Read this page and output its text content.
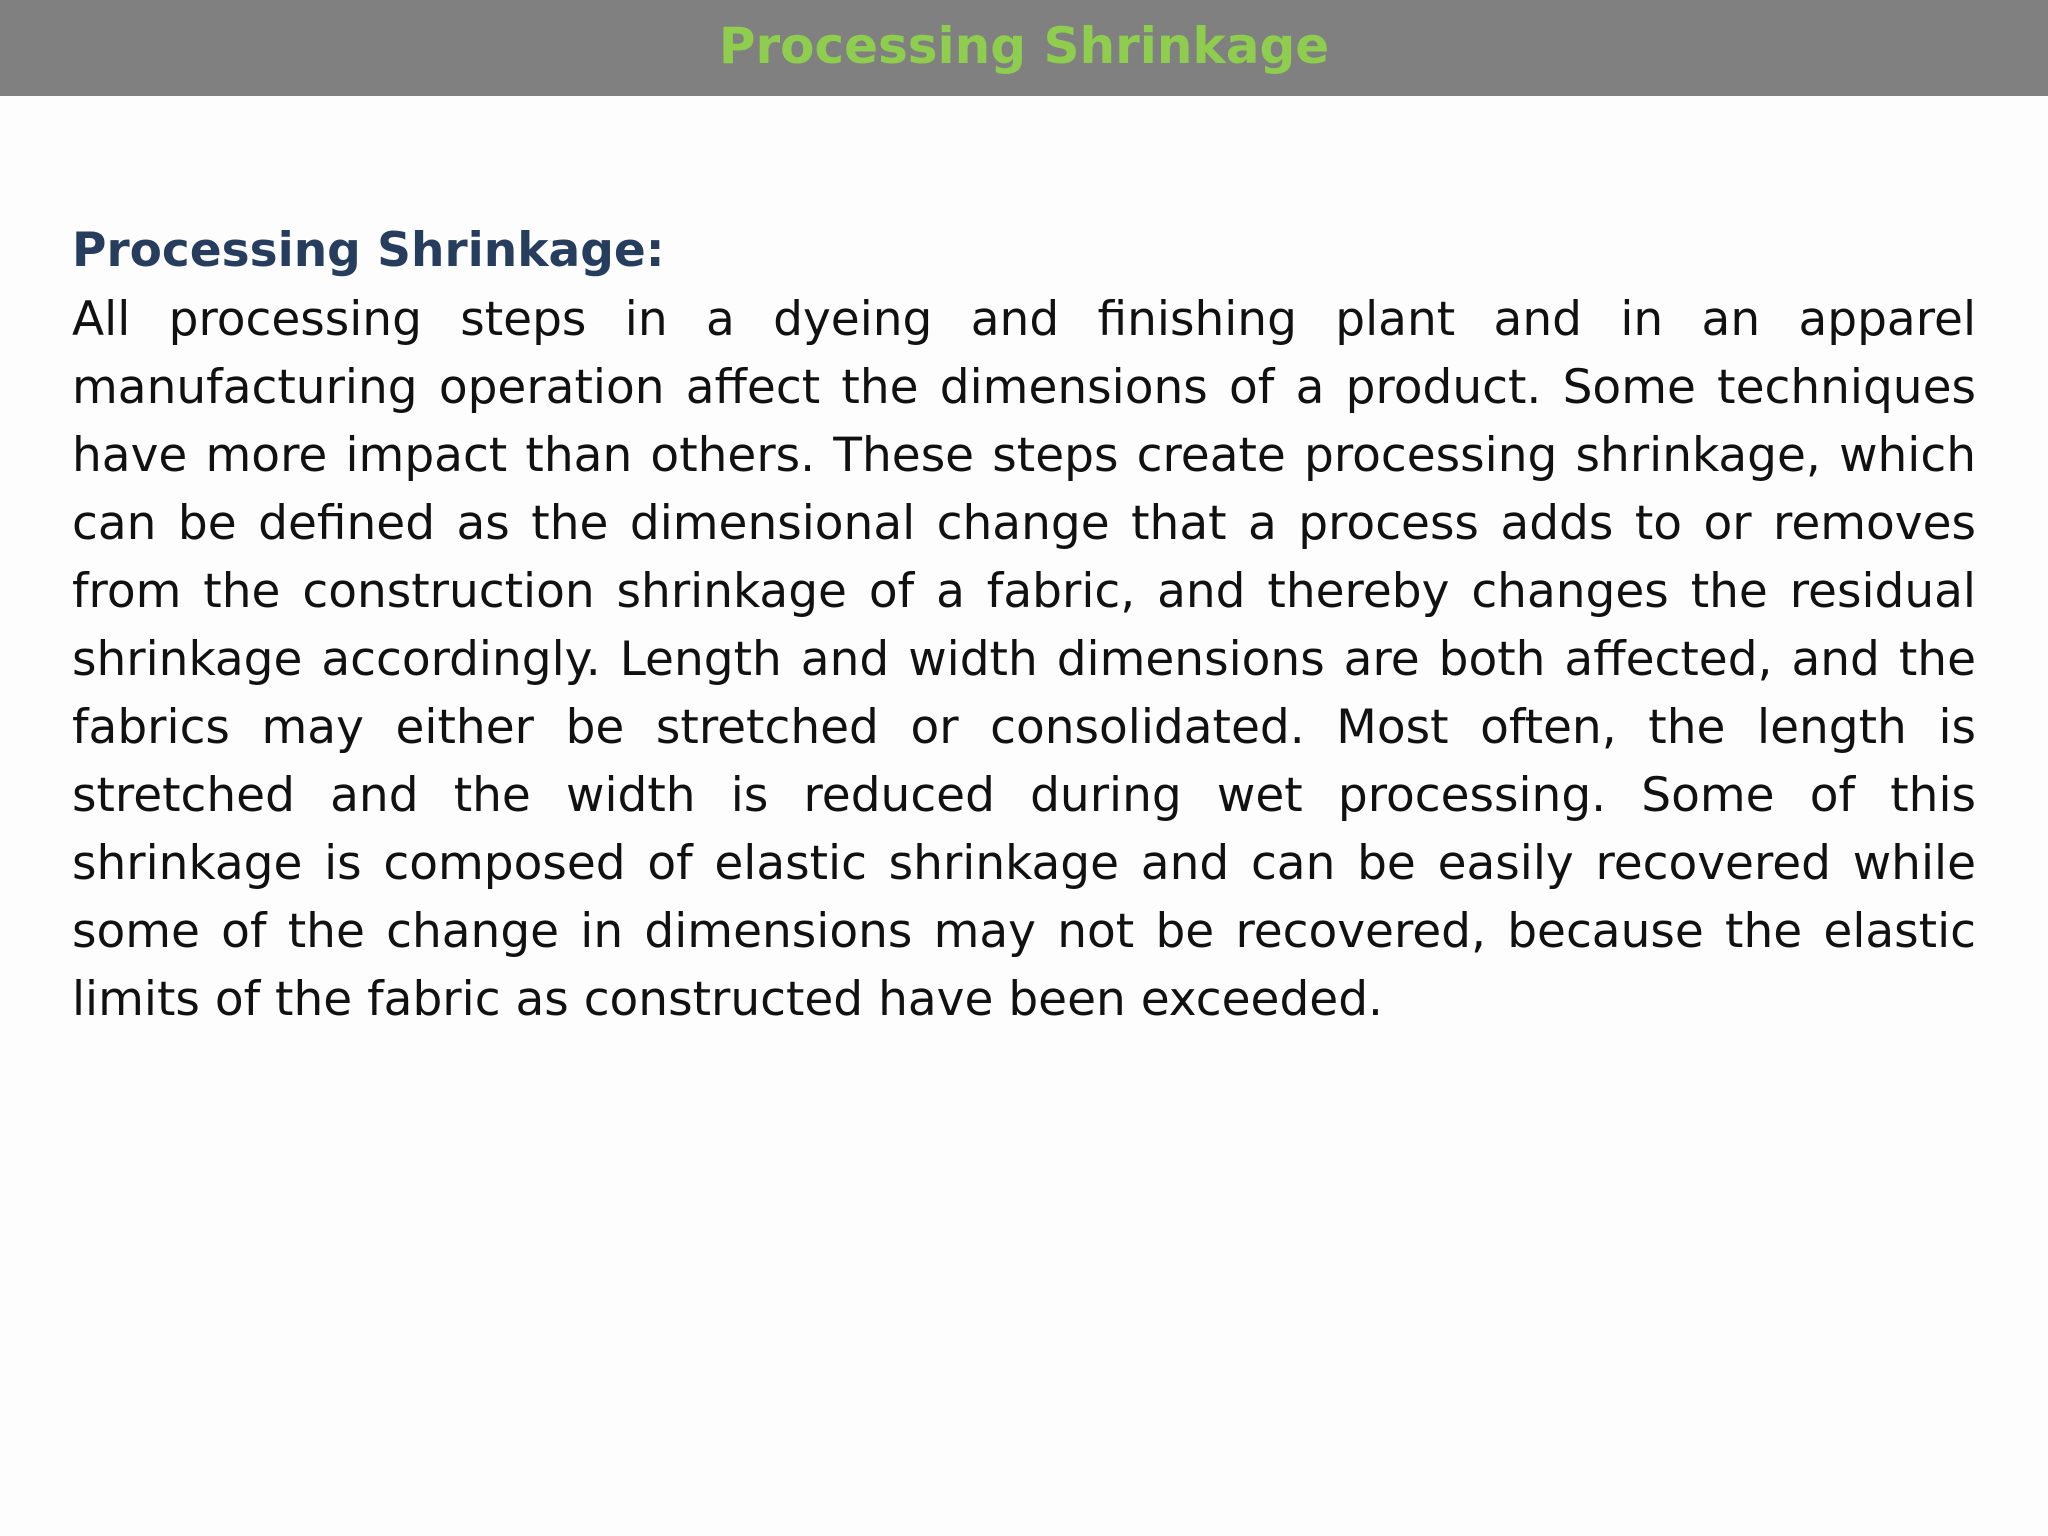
Processing Shrinkage
Processing Shrinkage:

All processing steps in a dyeing and finishing plant and in an apparel manufacturing operation affect the dimensions of a product. Some techniques have more impact than others. These steps create processing shrinkage, which can be defined as the dimensional change that a process adds to or removes from the construction shrinkage of a fabric, and thereby changes the residual shrinkage accordingly. Length and width dimensions are both affected, and the fabrics may either be stretched or consolidated. Most often, the length is stretched and the width is reduced during wet processing. Some of this shrinkage is composed of elastic shrinkage and can be easily recovered while some of the change in dimensions may not be recovered, because the elastic limits of the fabric as constructed have been exceeded.
